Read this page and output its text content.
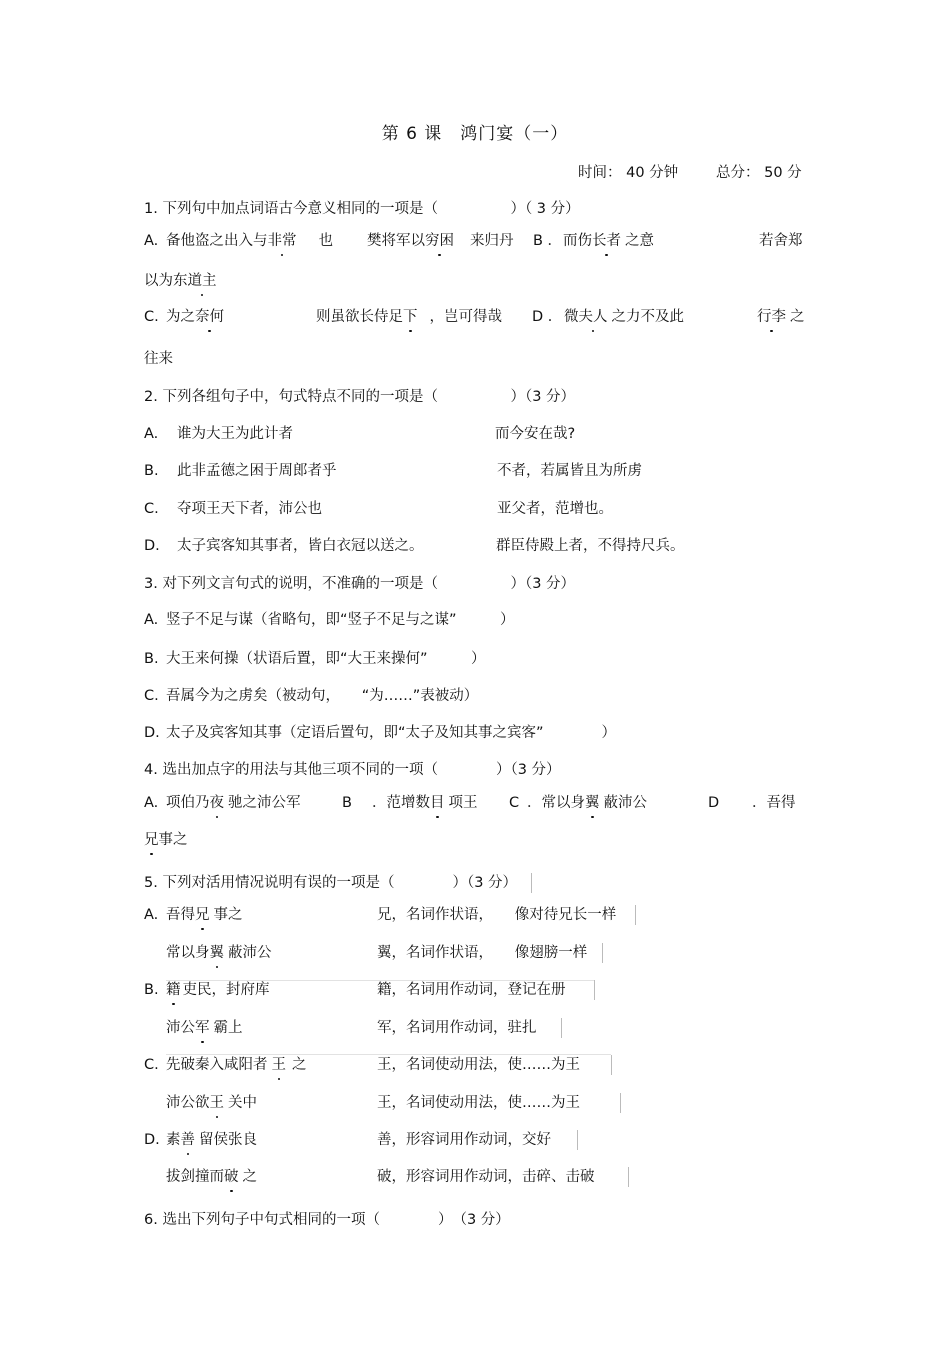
第 6 课　鸿门宴（一）
时间： 40 分钟	总分： 50 分
1. 下列句中加点词语古今意义相同的一项是（　　　　　）（ 3 分）
A. 备他盗之出入与非常 也 樊将军以穷困 来归丹 B ． 而伤长者 之意	若舍郑
以为东道主
C. 为之奈何	则虽欲长侍足下 ，岂可得哉 D ． 微夫人 之力不及此	行李 之
往来
2. 下列各组句子中，句式特点不同的一项是（　　　　　）（3 分）
A. 谁为大王为此计者	而今安在哉?
B. 此非孟德之困于周郎者乎	不者，若属皆且为所虏
C. 夺项王天下者，沛公也	亚父者，范增也。
D. 太子宾客知其事者，皆白衣冠以送之。	群臣侍殿上者，不得持尺兵。
3. 对下列文言句式的说明，不准确的一项是（　　　　　）（3 分）
A. 竖子不足与谋（省略句，即“竖子不足与之谋”　　　）
B. 大王来何操（状语后置，即“大王来操何”　　　）
C. 吾属今为之虏矣（被动句，　　“为……”表被动）
D. 太子及宾客知其事（定语后置句，即“太子及知其事之宾客”　　　　）
4. 选出加点字的用法与其他三项不同的一项（　　　　）（3 分）
A. 项伯乃夜 驰之沛公军	B ．范增数目 项王 C ．常以身翼 蔽沛公	D ．吾得
兄事之
5. 下列对活用情况说明有误的一项是（　　　　）（3 分）
A. 吾得兄 事之	兄，名词作状语，　　像对待兄长一样
常以身翼 蔽沛公	翼，名词作状语，　　像翅膀一样
B. 籍 吏民，封府库	籍，名词用作动词，登记在册
沛公军 霸上	军，名词用作动词，驻扎
C. 先破秦入咸阳者 王 之	王，名词使动用法，使……为王
沛公欲王 关中	王，名词使动用法，使……为王
D. 素善 留侯张良	善，形容词用作动词，交好
拔剑撞而破 之	破，形容词用作动词，击碎、击破
6. 选出下列句子中句式相同的一项（　　　　）　（3 分）
